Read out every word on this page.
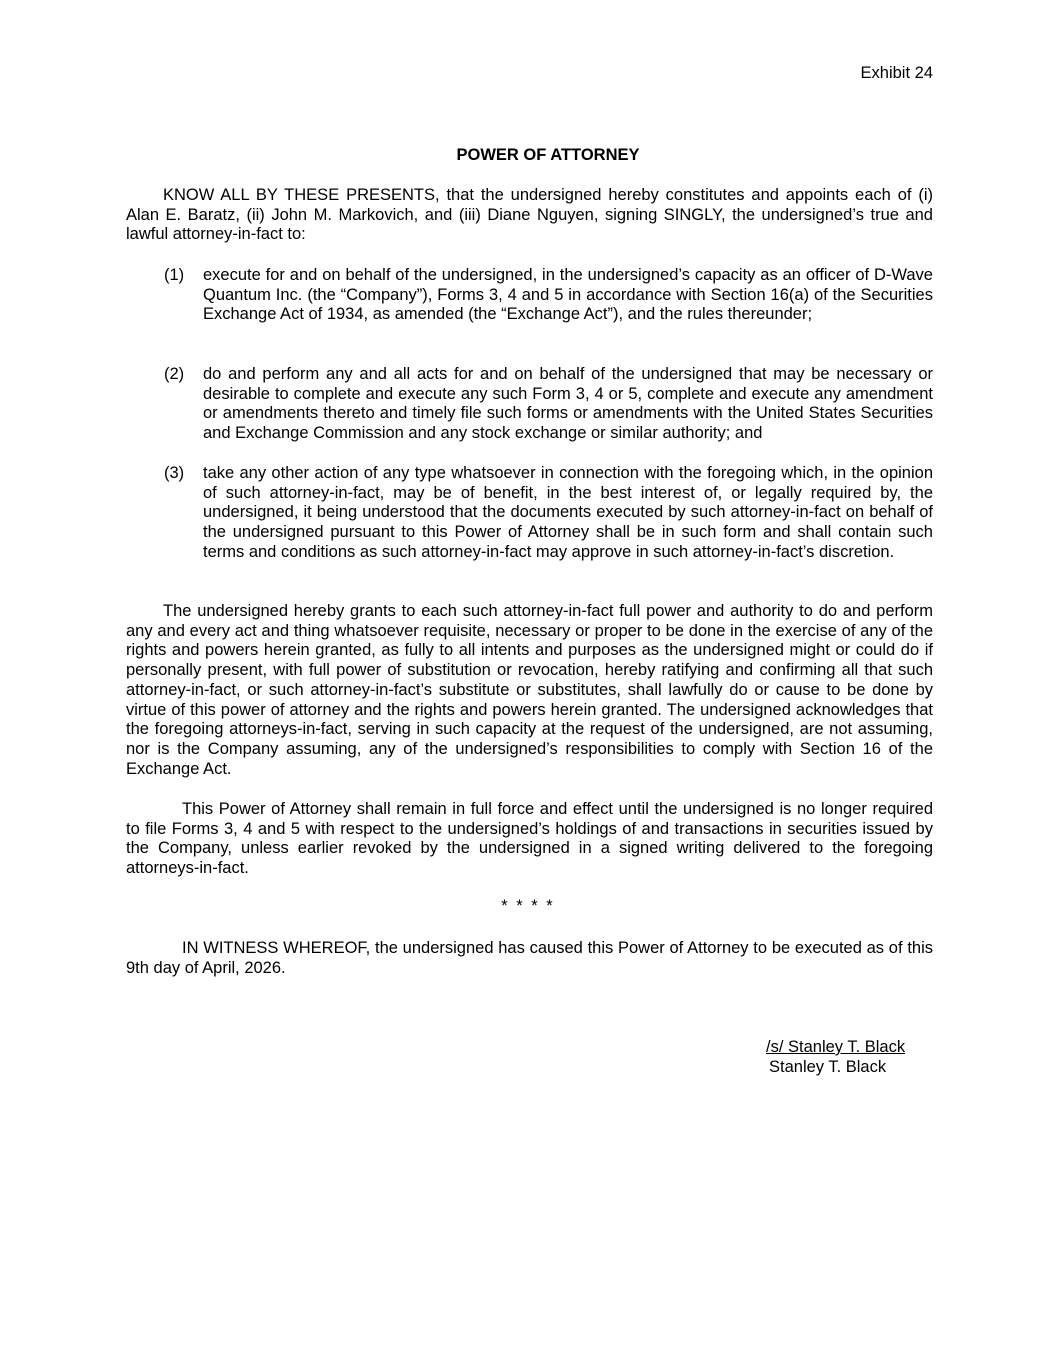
Exhibit 24
POWER OF ATTORNEY

KNOW ALL BY THESE PRESENTS, that the undersigned hereby constitutes and appoints each of (i) Alan E. Baratz, (ii) John M. Markovich, and (iii) Diane Nguyen, signing SINGLY, the undersigned’s true and lawful attorney-in-fact to:

(1) execute for and on behalf of the undersigned, in the undersigned’s capacity as an officer of D-Wave Quantum Inc. (the “Company”), Forms 3, 4 and 5 in accordance with Section 16(a) of the Securities Exchange Act of 1934, as amended (the “Exchange Act”), and the rules thereunder;
(2) do and perform any and all acts for and on behalf of the undersigned that may be necessary or desirable to complete and execute any such Form 3, 4 or 5, complete and execute any amendment or amendments thereto and timely file such forms or amendments with the United States Securities and Exchange Commission and any stock exchange or similar authority; and
(3) take any other action of any type whatsoever in connection with the foregoing which, in the opinion of such attorney-in-fact, may be of benefit, in the best interest of, or legally required by, the undersigned, it being understood that the documents executed by such attorney-in-fact on behalf of the undersigned pursuant to this Power of Attorney shall be in such form and shall contain such terms and conditions as such attorney-in-fact may approve in such attorney-in-fact’s discretion.

The undersigned hereby grants to each such attorney-in-fact full power and authority to do and perform any and every act and thing whatsoever requisite, necessary or proper to be done in the exercise of any of the rights and powers herein granted, as fully to all intents and purposes as the undersigned might or could do if personally present, with full power of substitution or revocation, hereby ratifying and confirming all that such attorney-in-fact, or such attorney-in-fact’s substitute or substitutes, shall lawfully do or cause to be done by virtue of this power of attorney and the rights and powers herein granted. The undersigned acknowledges that the foregoing attorneys-in-fact, serving in such capacity at the request of the undersigned, are not assuming, nor is the Company assuming, any of the undersigned’s responsibilities to comply with Section 16 of the Exchange Act.

This Power of Attorney shall remain in full force and effect until the undersigned is no longer required to file Forms 3, 4 and 5 with respect to the undersigned’s holdings of and transactions in securities issued by the Company, unless earlier revoked by the undersigned in a signed writing delivered to the foregoing attorneys-in-fact.

* * * *

IN WITNESS WHEREOF, the undersigned has caused this Power of Attorney to be executed as of this 9th day of April, 2026.

/s/ Stanley T. Black
Stanley T. Black
